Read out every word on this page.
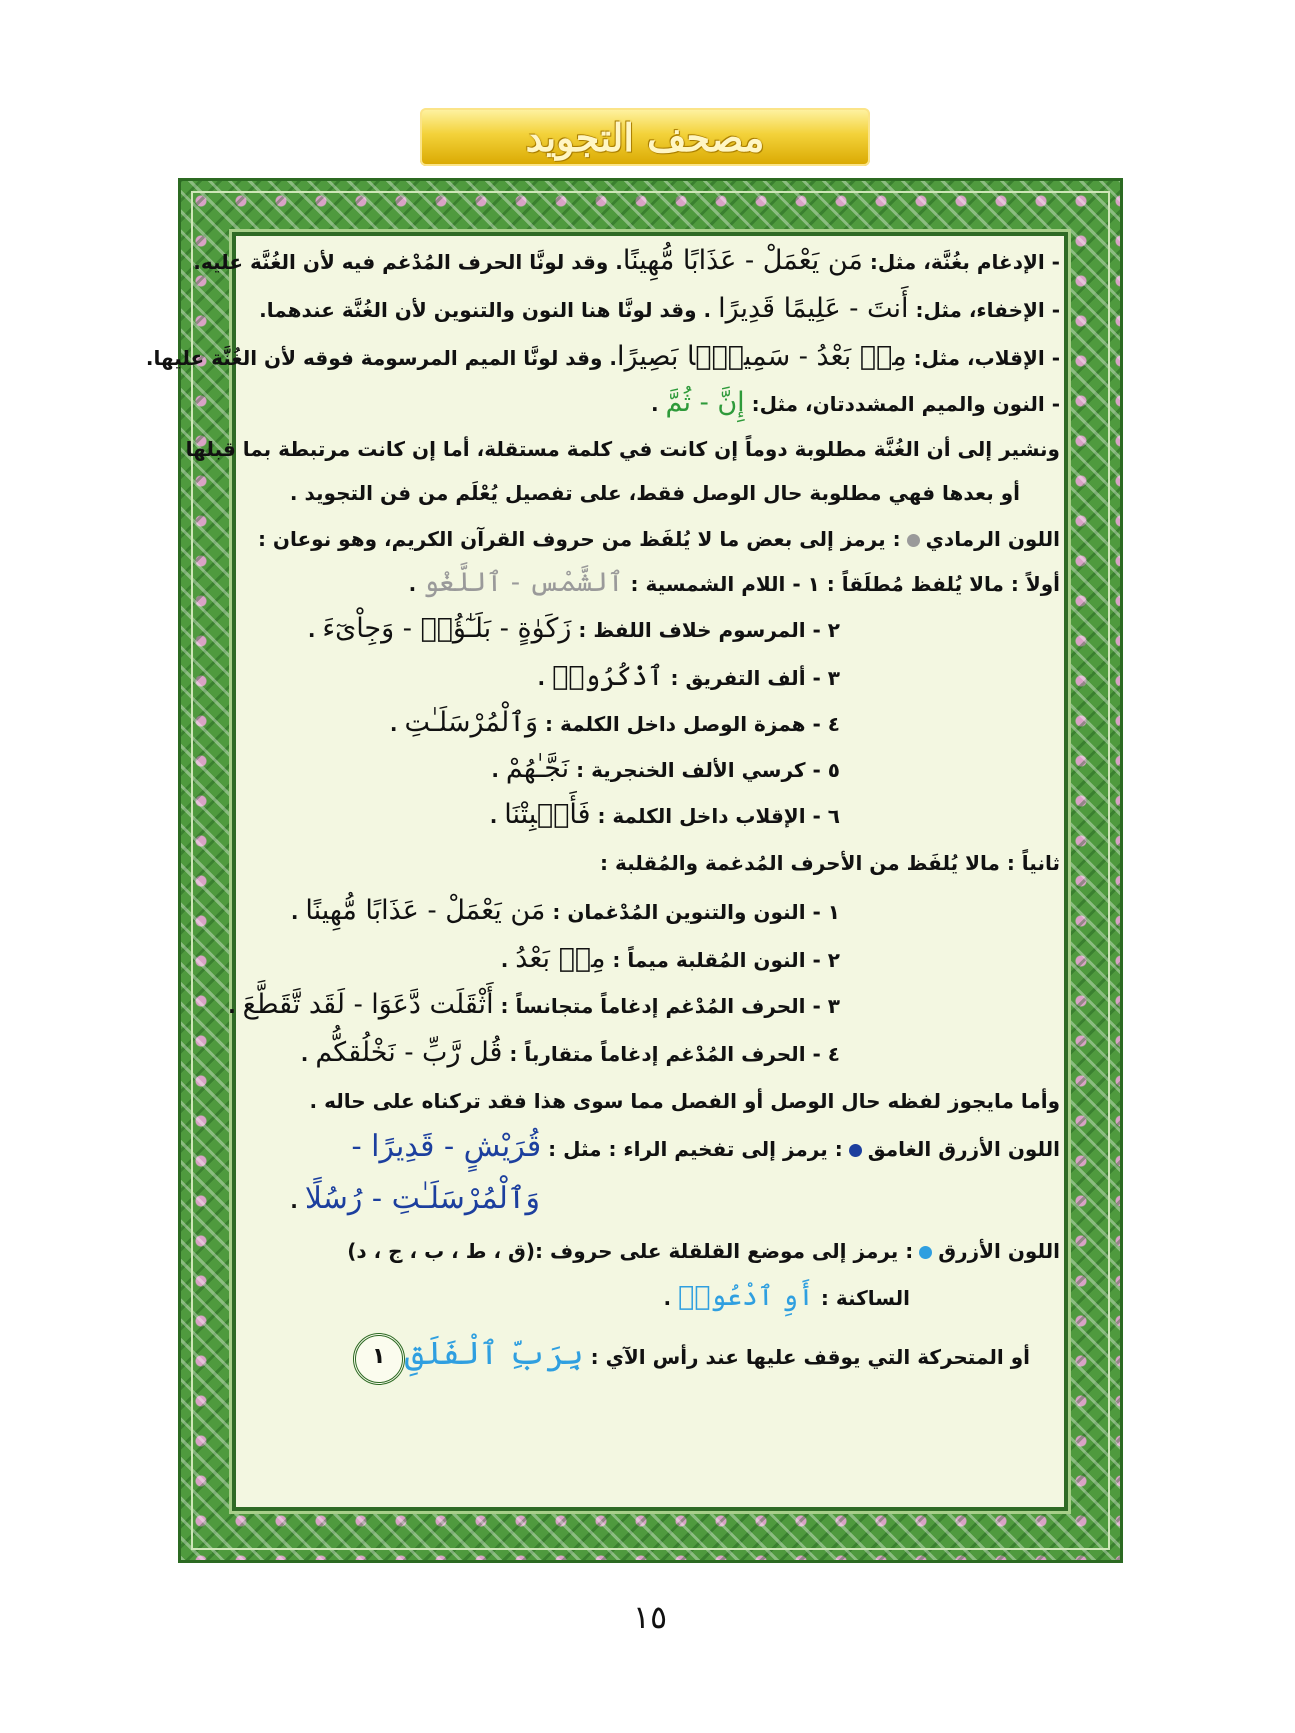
مصحف التجويد
- الإدغام بغُنَّة، مثل: مَن يَعْمَلْ - عَذَابًا مُّهِينًا. وقد لونَّا الحرف المُدْغم فيه لأن الغُنَّة عليه.
- الإخفاء، مثل: أَنتَ - عَلِيمًا قَدِيرًا . وقد لونَّا هنا النون والتنوين لأن الغُنَّة عندهما.
- الإقلاب، مثل: مِنۢ بَعْدُ - سَمِيعًۢا بَصِيرًا. وقد لونَّا الميم المرسومة فوقه لأن الغُنَّة عليها.
- النون والميم المشددتان، مثل: إِنَّ - ثُمَّ .
ونشير إلى أن الغُنَّة مطلوبة دوماً إن كانت في كلمة مستقلة، أما إن كانت مرتبطة بما قبلها
أو بعدها فهي مطلوبة حال الوصل فقط، على تفصيل يُعْلَم من فن التجويد .
اللون الرمادي: يرمز إلى بعض ما لا يُلفَظ من حروف القرآن الكريم، وهو نوعان :
أولاً : مالا يُلفظ مُطلَقاً : ١ - اللام الشمسية : ٱلشَّمْس - ٱللَّغْو .
٢ - المرسوم خلاف اللفظ : زَكَوٰةٍ - بَلَـٰٓؤُا۟ - وَجِاْىٓءَ .
٣ - ألف التفريق : ٱذْكُرُوا۟ .
٤ - همزة الوصل داخل الكلمة : وَٱلْمُرْسَلَـٰتِ .
٥ - كرسي الألف الخنجرية : نَجَّـٰهُمْ .
٦ - الإقلاب داخل الكلمة : فَأَنۢبِتْنَا .
ثانياً : مالا يُلفَظ من الأحرف المُدغمة والمُقلبة :
١ - النون والتنوين المُدْغمان : مَن يَعْمَلْ - عَذَابًا مُّهِينًا .
٢ - النون المُقلبة ميماً : مِنۢ بَعْدُ .
٣ - الحرف المُدْغم إدغاماً متجانساً : أَثْقَلَت دَّعَوَا - لَقَد تَّقَطَّعَ .
٤ - الحرف المُدْغم إدغاماً متقارباً : قُل رَّبِّ - نَخْلُقكُّم .
وأما مايجوز لفظه حال الوصل أو الفصل مما سوى هذا فقد تركناه على حاله .
اللون الأزرق الغامق: يرمز إلى تفخيم الراء : مثل : قُرَيْشٍ - قَدِيرًا -
وَٱلْمُرْسَلَـٰتِ - رُسُلًا .
اللون الأزرق: يرمز إلى موضع القلقلة على حروف :(ق ، ط ، ب ، ج ، د)
الساكنة : أَوِ ٱدْعُوا۟ .
أو المتحركة التي يوقف عليها عند رأس الآي : بِرَبِّ ٱلْفَلَقِ١
١٥
